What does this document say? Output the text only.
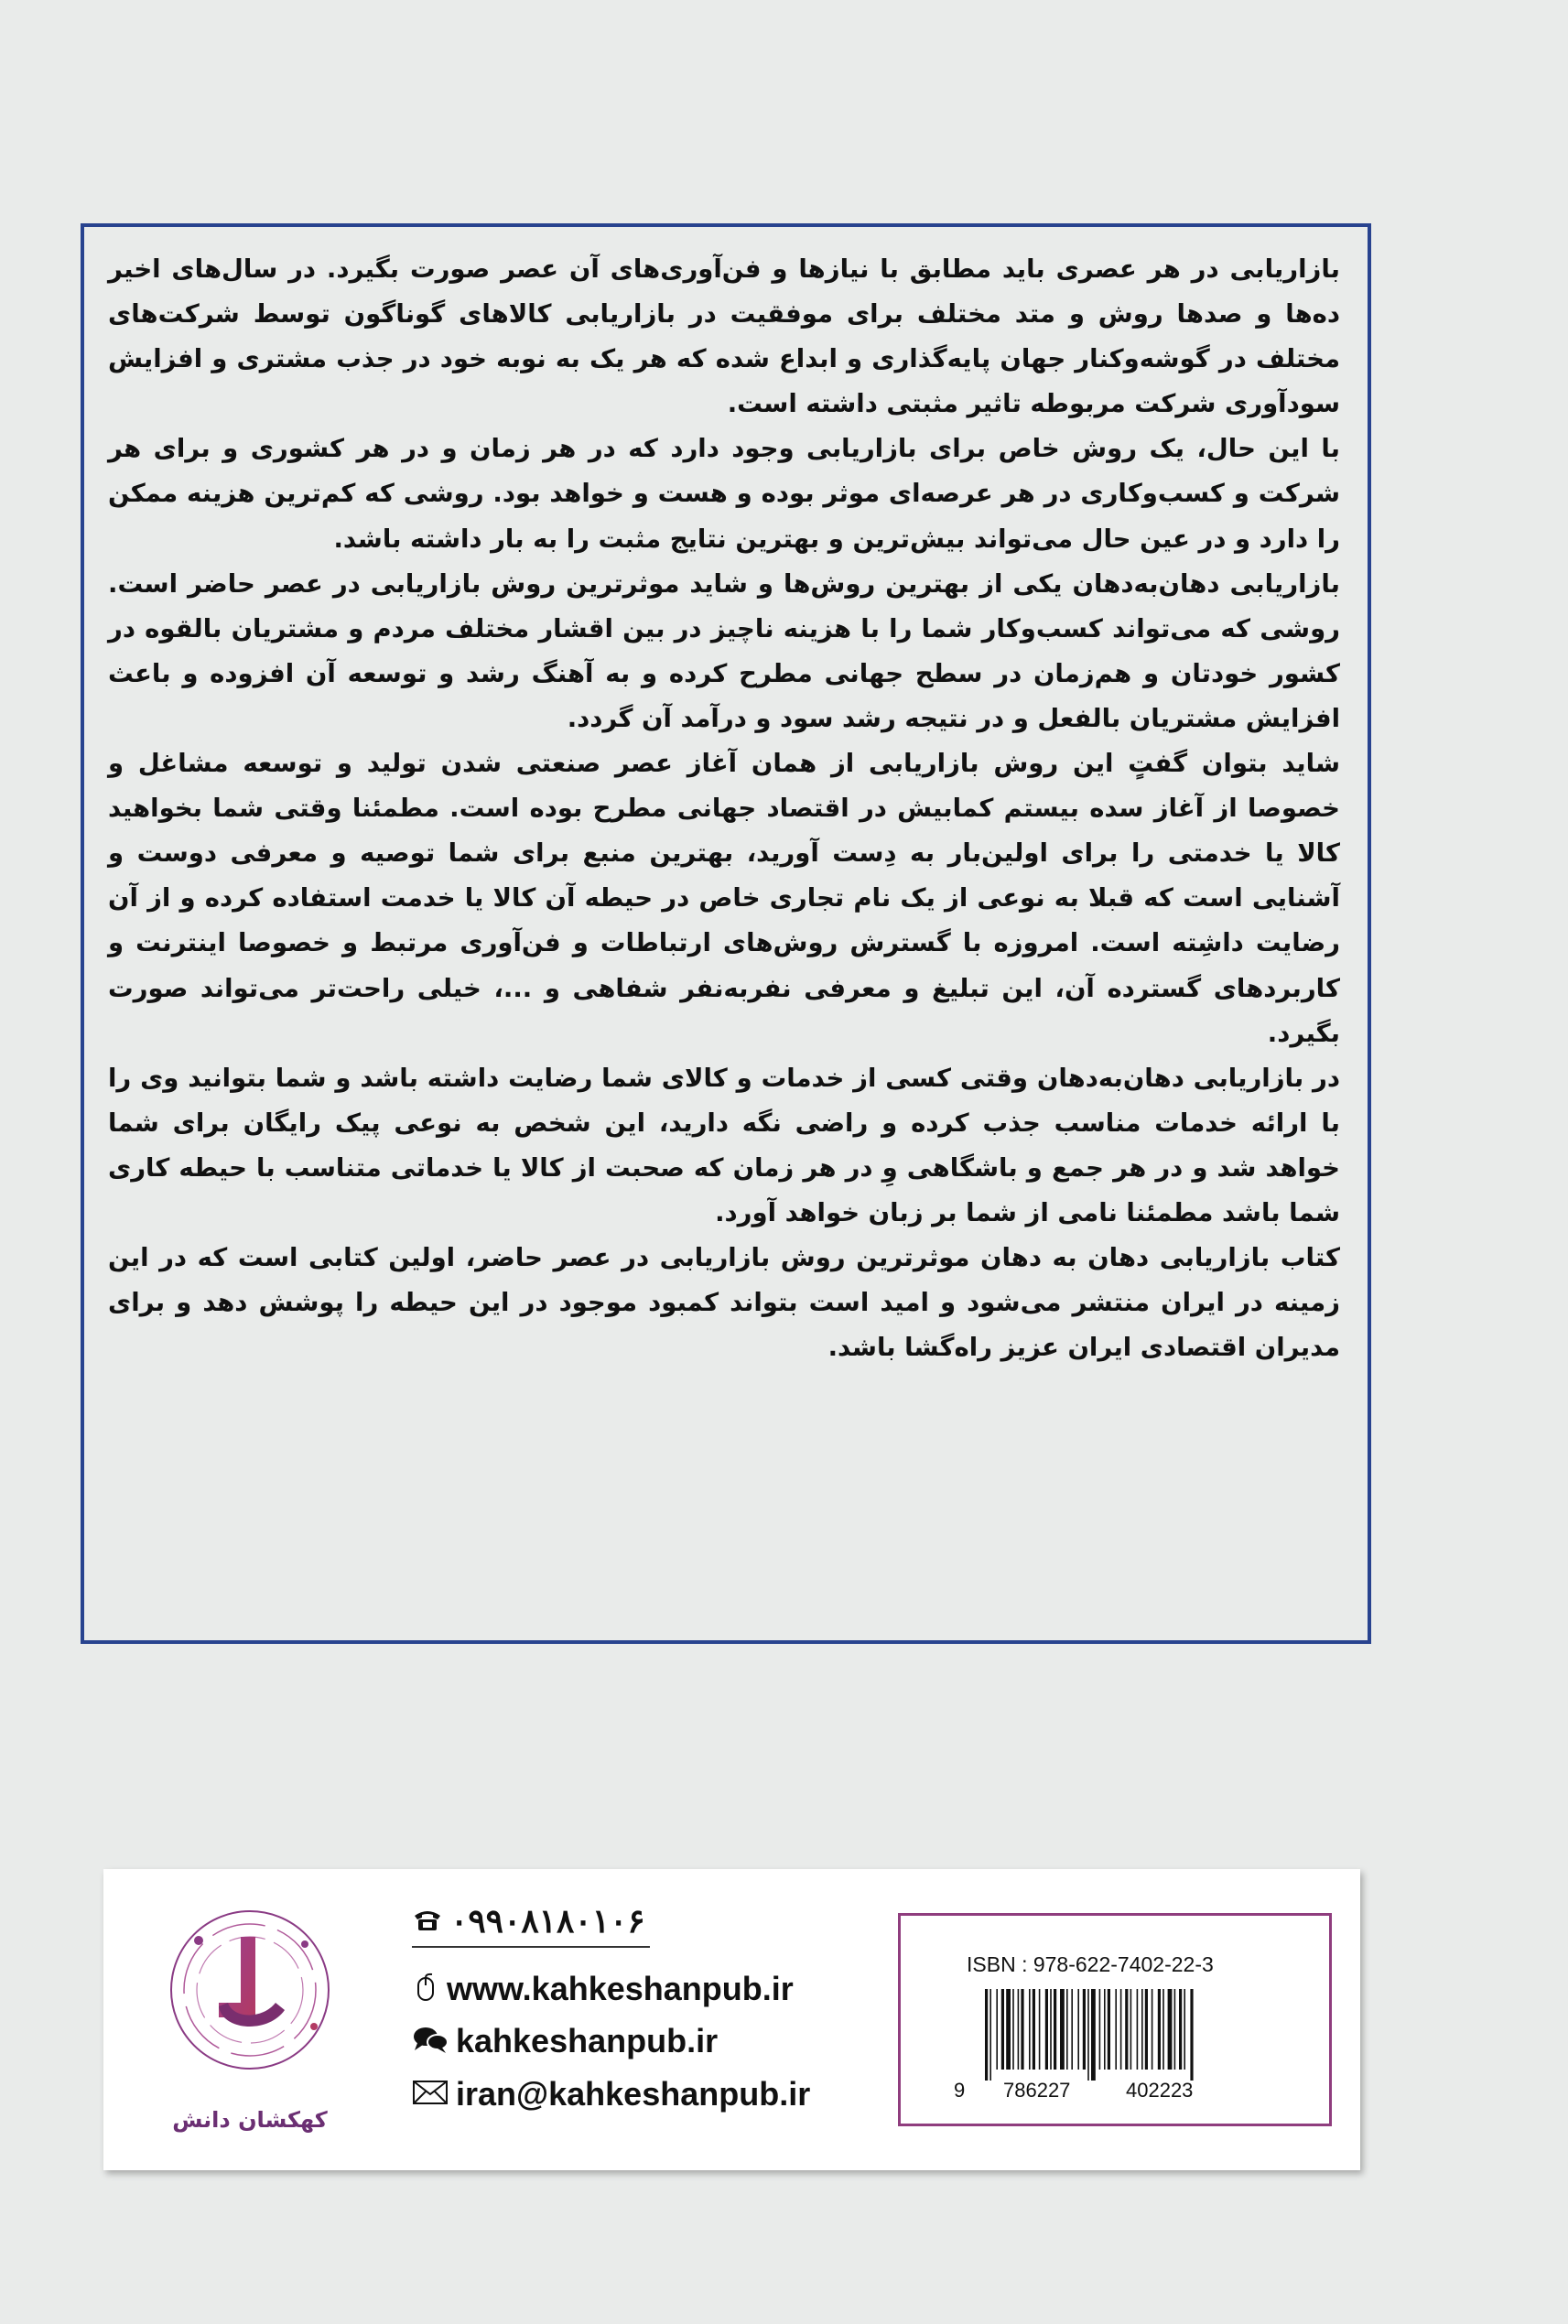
بازاریابی در هر عصری باید مطابق با نیازها و فن‌آوری‌های آن عصر صورت بگیرد. در سال‌های اخیر ده‌ها و صدها روش و متد مختلف برای موفقیت در بازاریابی کالاهای گوناگون توسط شرکت‌های مختلف در گوشه‌وکنار جهان پایه‌گذاری و ابداع شده که هر یک به نوبه خود در جذب مشتری و افزایش سودآوری شرکت مربوطه تاثیر مثبتی داشته است.

با این حال، یک روش خاص برای بازاریابی وجود دارد که در هر زمان و در هر کشوری و برای هر شرکت و کسب‌وکاری در هر عرصه‌ای موثر بوده و هست و خواهد بود. روشی که کم‌ترین هزینه ممکن را دارد و در عین حال می‌تواند بیش‌ترین و بهترین نتایج مثبت را به بار داشته باشد.

بازاریابی دهان‌به‌دهان یکی از بهترین روش‌ها و شاید موثرترین روش بازاریابی در عصر حاضر است. روشی که می‌تواند کسب‌وکار شما را با هزینه ناچیز در بین اقشار مختلف مردم و مشتریان بالقوه در کشور خودتان و هم‌زمان در سطح جهانی مطرح کرده و به آهنگ رشد و توسعه آن افزوده و باعث افزایش مشتریان بالفعل و در نتیجه رشد سود و درآمد آن گردد.

شاید بتوان گفتٍ این روش بازاریابی از همان آغاز عصر صنعتی شدن تولید و توسعه مشاغل و خصوصا از آغاز سده بیستم کمابیش در اقتصاد جهانی مطرح بوده است. مطمئنا وقتی شما بخواهید کالا یا خدمتی را برای اولین‌بار به دِست آورید، بهترین منبع برای شما توصیه و معرفی دوست و آشنایی است که قبلا به نوعی از یک نام تجاری خاص در حیطه آن کالا یا خدمت استفاده کرده و از آن رضایت داشِته است. امروزه با گسترش روش‌های ارتباطات و فن‌آوری مرتبط و خصوصا اینترنت و کاربردهای گسترده آن، این تبلیغ و معرفی نفربه‌نفر شفاهی و ...، خیلی راحت‌تر می‌تواند صورت بگیرد.

در بازاریابی دهان‌به‌دهان وقتی کسی از خدمات و کالای شما رضایت داشته باشد و شما بتوانید وی را با ارائه خدمات مناسب جذب کرده و راضی نگه دارید، این شخص به نوعی پیک رایگان برای شما خواهد شد و در هر جمع و باشگاهی وِ در هر زمان که صحبت از کالا یا خدماتی متناسب با حیطه کاری شما باشد مطمئنا نامی از شما بر زبان خواهد آورد.

کتاب بازاریابی دهان به دهان موثرترین روش بازاریابی در عصر حاضر، اولین کتابی است که در این زمینه در ایران منتشر می‌شود و امید است بتواند کمبود موجود در این حیطه را پوشش دهد و برای مدیران اقتصادی ایران عزیز راه‌گشا باشد.

کهکشان دانش
۰۹۹۰۸۱۸۰۱۰۶
www.kahkeshanpub.ir
kahkeshanpub.ir
iran@kahkeshanpub.ir
ISBN : 978-622-7402-22-3
9 786227	402223
